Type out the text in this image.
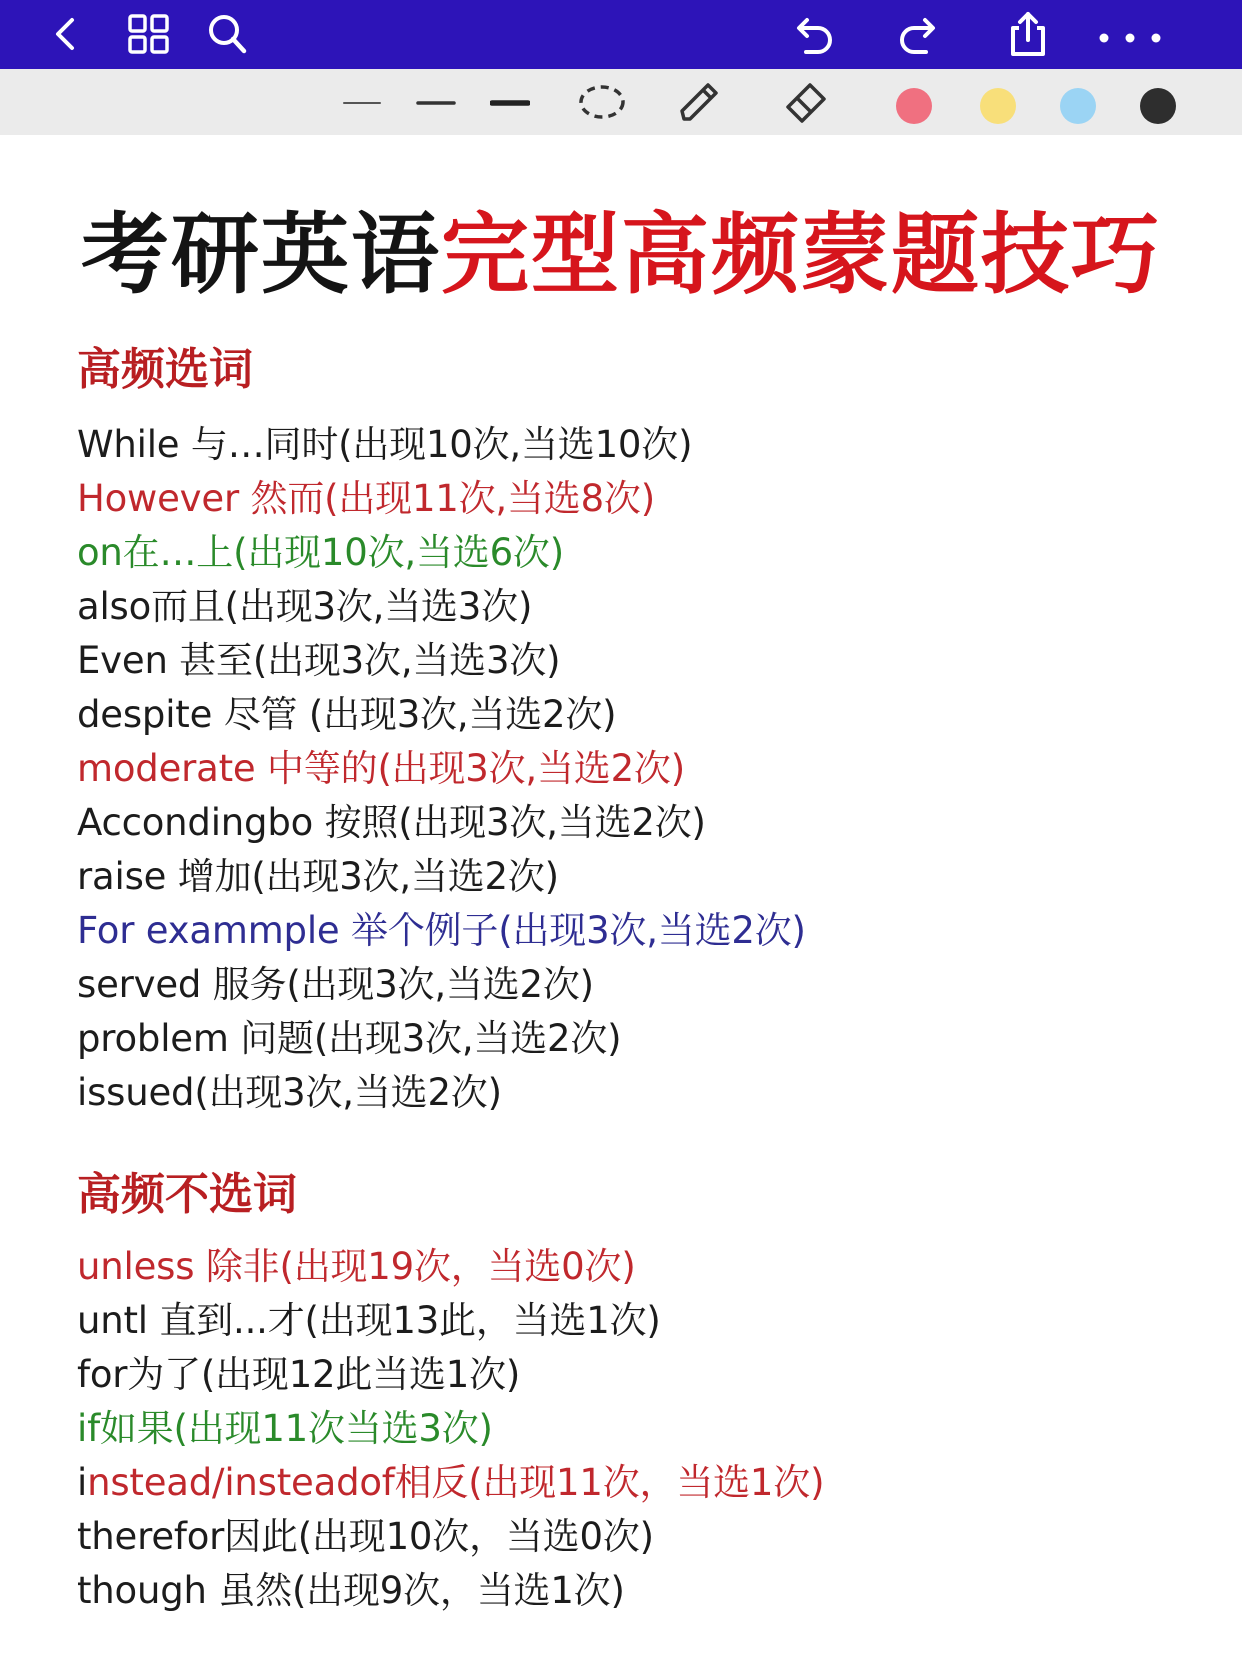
考研英语完型高频蒙题技巧
高频选词
While 与…同时(出现10次,当选10次)
However 然而(出现11次,当选8次)
on在…上(出现10次,当选6次)
also而且(出现3次,当选3次)
Even 甚至(出现3次,当选3次)
despite 尽管 (出现3次,当选2次)
moderate 中等的(出现3次,当选2次)
Accondingbo 按照(出现3次,当选2次)
raise 增加(出现3次,当选2次)
For exammple 举个例子(出现3次,当选2次)
served 服务(出现3次,当选2次)
problem 问题(出现3次,当选2次)
issued(出现3次,当选2次)
高频不选词
unless 除非(出现19次，当选0次)
untl 直到...才(出现13此，当选1次)
for为了(出现12此当选1次)
if如果(出现11次当选3次)
instead/insteadof相反(出现11次，当选1次)
therefor因此(出现10次，当选0次)
though 虽然(出现9次，当选1次)
